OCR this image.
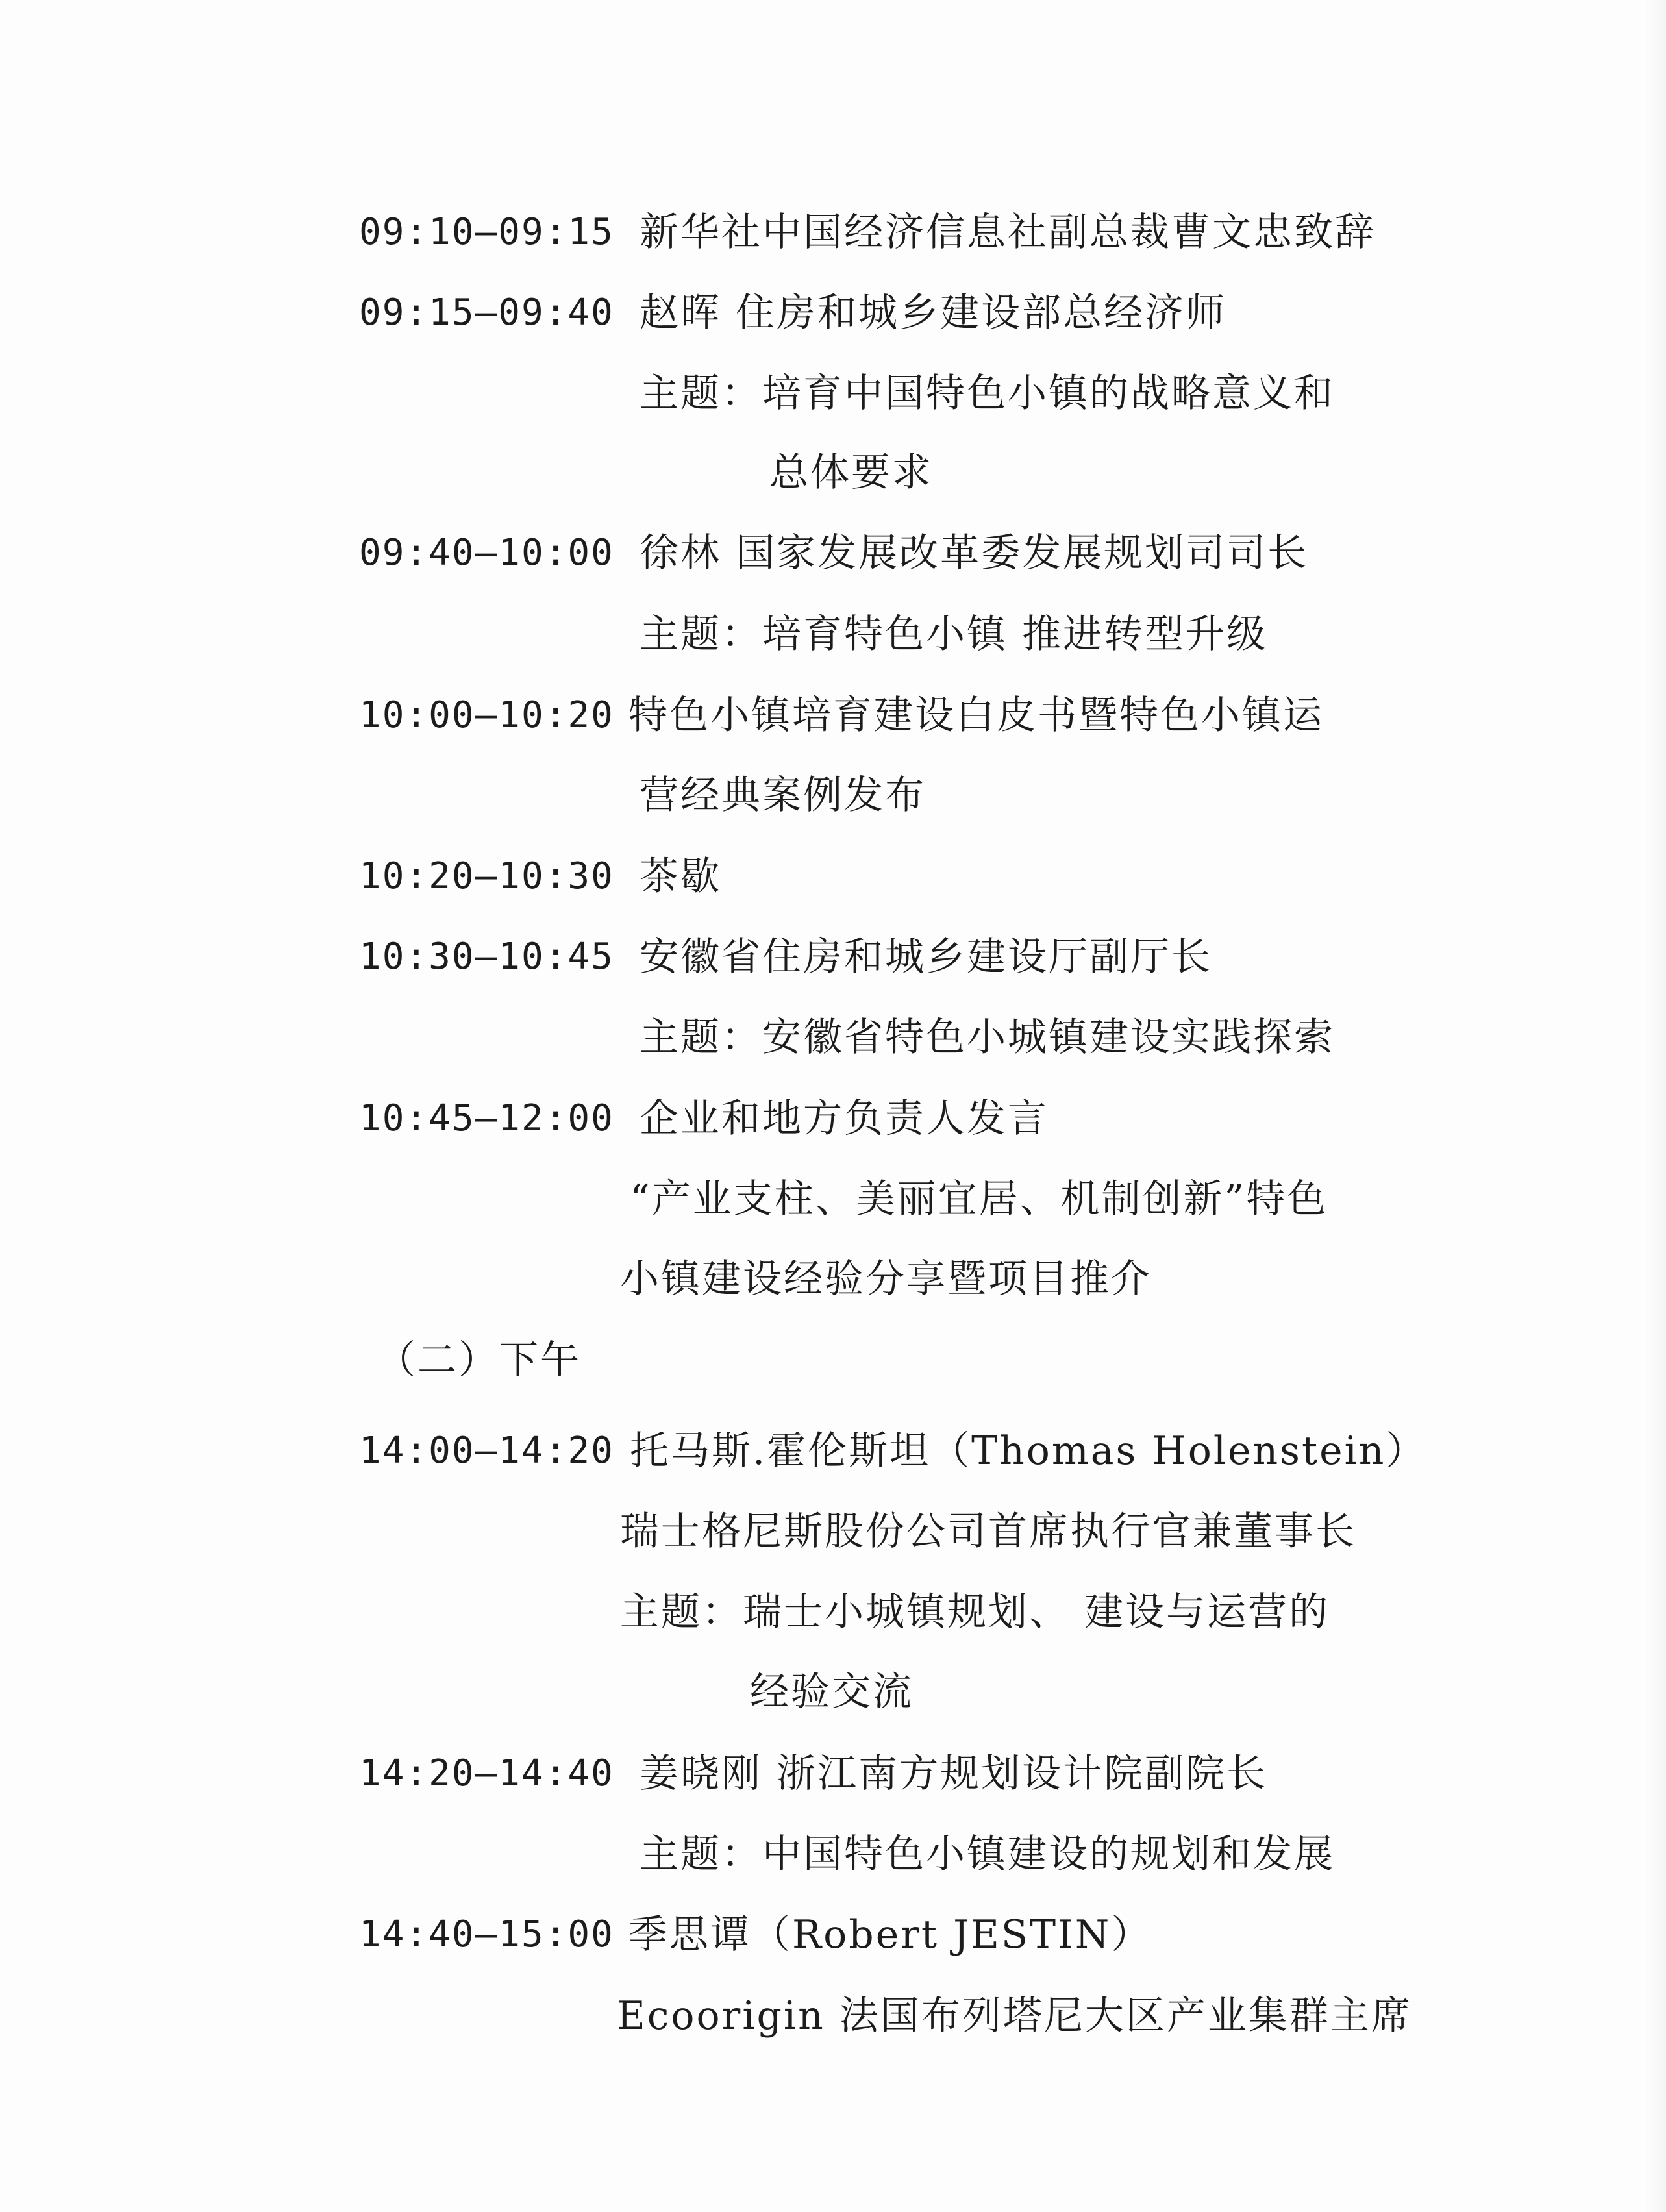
09:10—09:15 新华社中国经济信息社副总裁曹文忠致辞
09:15—09:40 赵晖 住房和城乡建设部总经济师
主题：培育中国特色小镇的战略意义和
总体要求
09:40—10:00 徐林 国家发展改革委发展规划司司长
主题：培育特色小镇 推进转型升级
10:00—10:20 特色小镇培育建设白皮书暨特色小镇运
营经典案例发布
10:20—10:30 茶歇
10:30—10:45 安徽省住房和城乡建设厅副厅长
主题：安徽省特色小城镇建设实践探索
10:45—12:00 企业和地方负责人发言
“产业支柱、美丽宜居、机制创新”特色
小镇建设经验分享暨项目推介
（二）下午
14:00—14:20 托马斯.霍伦斯坦（Thomas Holenstein）
瑞士格尼斯股份公司首席执行官兼董事长
主题：瑞士小城镇规划、 建设与运营的
经验交流
14:20—14:40 姜晓刚 浙江南方规划设计院副院长
主题：中国特色小镇建设的规划和发展
14:40—15:00 季思谭（Robert JESTIN）
Ecoorigin 法国布列塔尼大区产业集群主席
